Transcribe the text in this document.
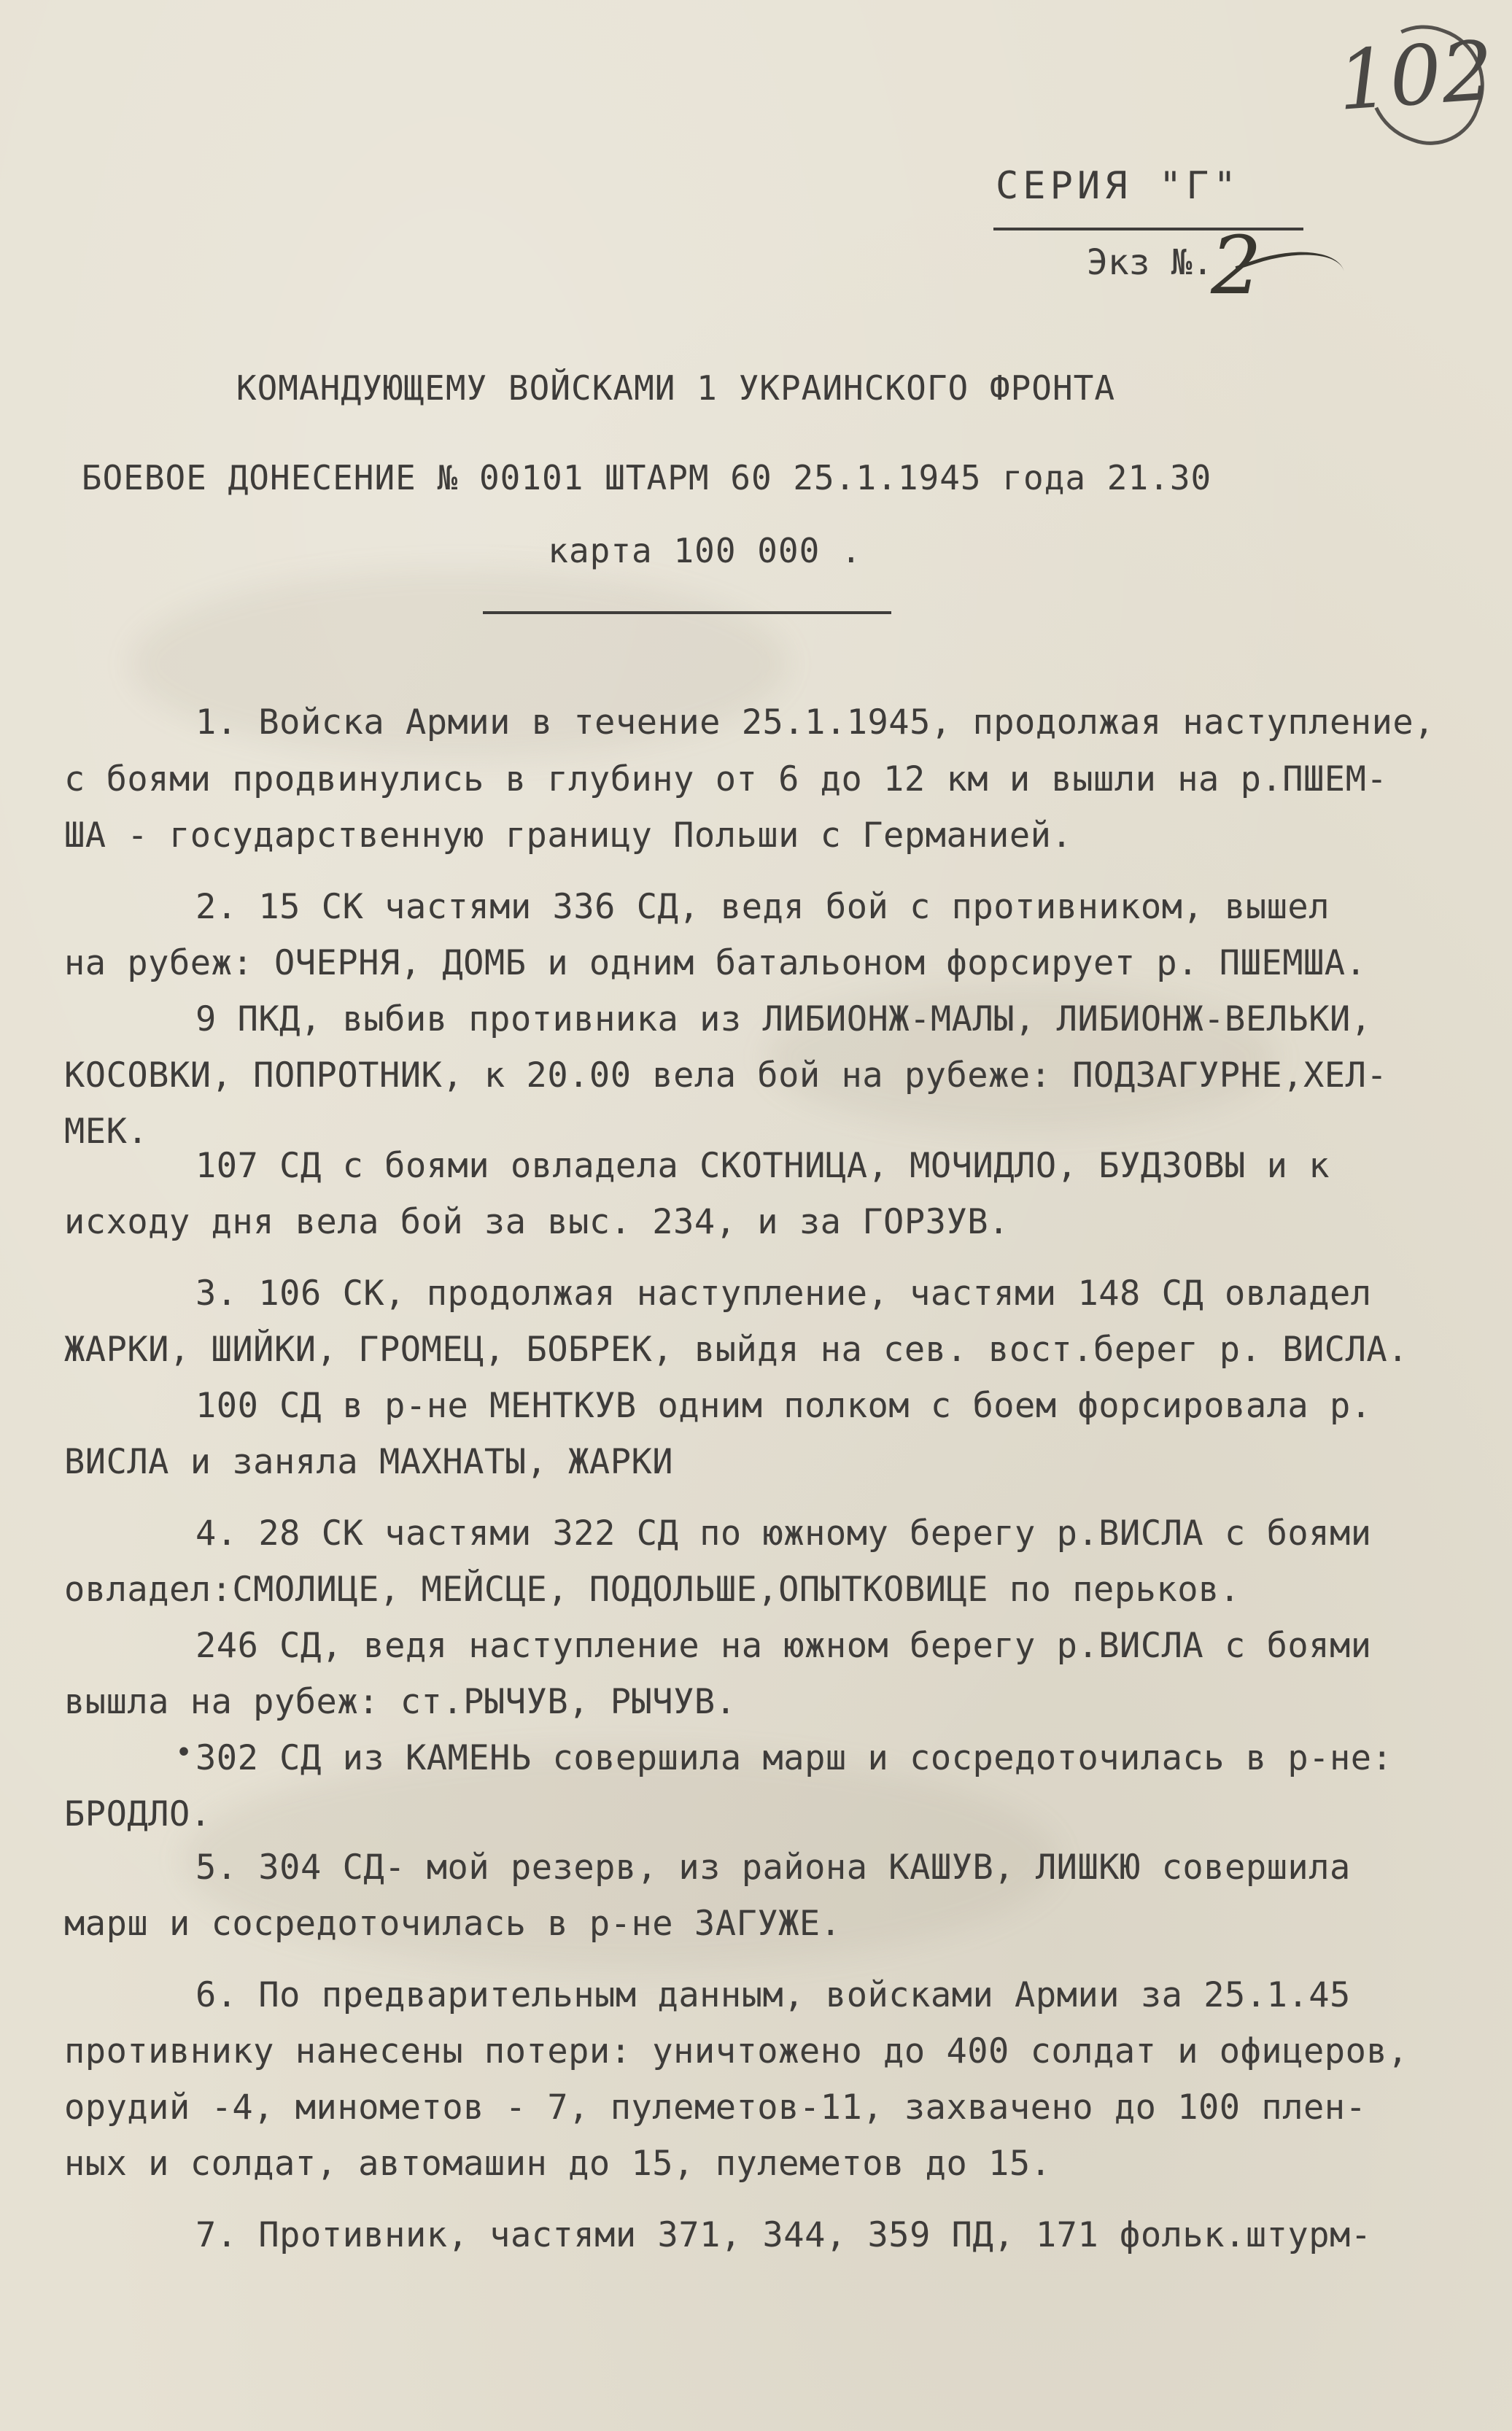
102
СЕРИЯ "Г"
Экз №.
2
КОМАНДУЮЩЕМУ ВОЙСКАМИ 1 УКРАИНСКОГО ФРОНТА
БОЕВОЕ ДОНЕСЕНИЕ № 00101 ШТАРМ 60 25.1.1945 года 21.30
карта 100 000 .
1. Войска Армии в течение 25.1.1945, продолжая наступление,
с боями продвинулись в глубину от 6 до 12 км и вышли на р.ПШЕМ-
ША - государственную границу Польши с Германией.
2. 15 СК частями 336 СД, ведя бой с противником, вышел
на рубеж: ОЧЕРНЯ, ДОМБ и одним батальоном форсирует р. ПШЕМША.
9 ПКД, выбив противника из ЛИБИОНЖ-МАЛЫ, ЛИБИОНЖ-ВЕЛЬКИ,
КОСОВКИ, ПОПРОТНИК, к 20.00 вела бой на рубеже: ПОДЗАГУРНЕ,ХЕЛ-
МЕК.
107 СД с боями овладела СКОТНИЦА, МОЧИДЛО, БУДЗОВЫ и к
исходу дня вела бой за выс. 234, и за ГОРЗУВ.
3. 106 СК, продолжая наступление, частями 148 СД овладел
ЖАРКИ, ШИЙКИ, ГРОМЕЦ, БОБРЕК, выйдя на сев. вост.берег р. ВИСЛА.
100 СД в р-не МЕНТКУВ одним полком с боем форсировала р.
ВИСЛА и заняла МАХНАТЫ, ЖАРКИ
4. 28 СК частями 322 СД по южному берегу р.ВИСЛА с боями
овладел:СМОЛИЦЕ, МЕЙСЦЕ, ПОДОЛЬШЕ,ОПЫТКОВИЦЕ по перьков.
246 СД, ведя наступление на южном берегу р.ВИСЛА с боями
вышла на рубеж: ст.РЫЧУВ, РЫЧУВ.
• 302 СД из КАМЕНЬ совершила марш и сосредоточилась в р-не:
БРОДЛО.
5. 304 СД- мой резерв, из района КАШУВ, ЛИШКЮ совершила
марш и сосредоточилась в р-не ЗАГУЖЕ.
6. По предварительным данным, войсками Армии за 25.1.45
противнику нанесены потери: уничтожено до 400 солдат и офицеров,
орудий -4, минометов - 7, пулеметов-11, захвачено до 100 плен-
ных и солдат, автомашин до 15, пулеметов до 15.
7. Противник, частями 371, 344, 359 ПД, 171 фольк.штурм-
